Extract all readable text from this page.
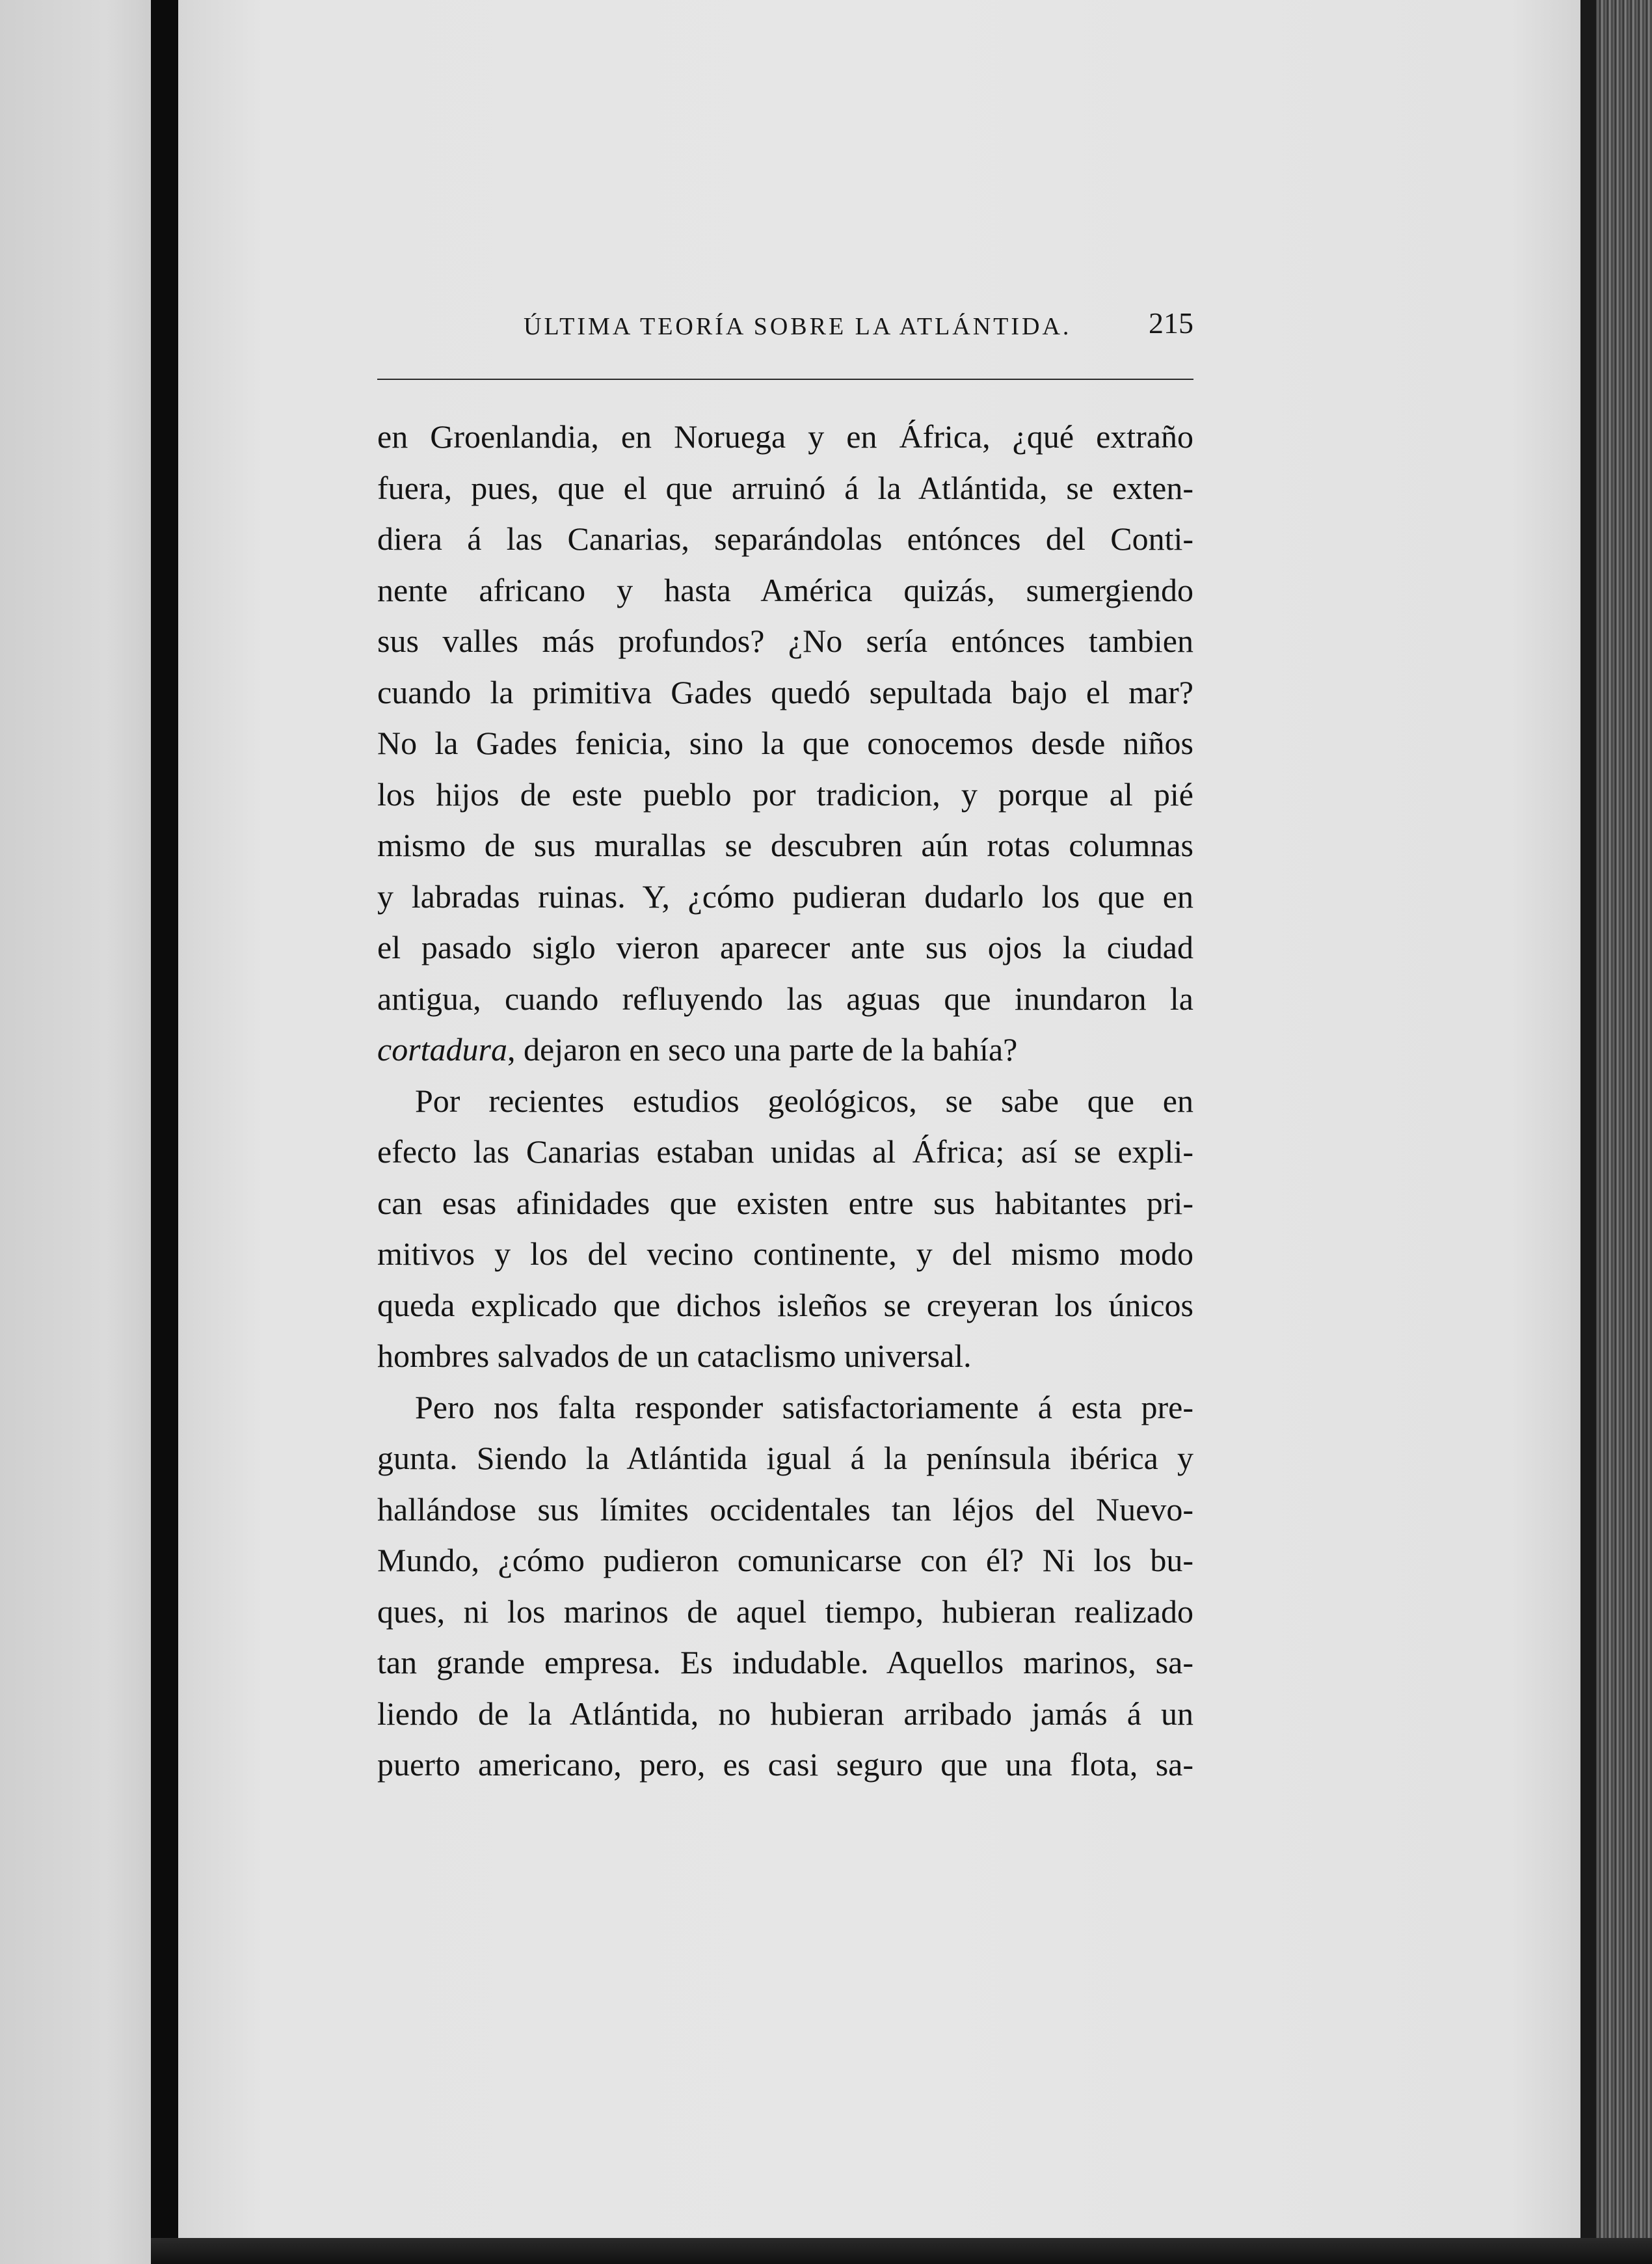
ÚLTIMA TEORÍA SOBRE LA ATLÁNTIDA.	215
en Groenlandia, en Noruega y en África, ¿qué extraño
fuera, pues, que el que arruinó á la Atlántida, se exten-
diera á las Canarias, separándolas entónces del Conti-
nente africano y hasta América quizás, sumergiendo
sus valles más profundos? ¿No sería entónces tambien
cuando la primitiva Gades quedó sepultada bajo el mar?
No la Gades fenicia, sino la que conocemos desde niños
los hijos de este pueblo por tradicion, y porque al pié
mismo de sus murallas se descubren aún rotas columnas
y labradas ruinas. Y, ¿cómo pudieran dudarlo los que en
el pasado siglo vieron aparecer ante sus ojos la ciudad
antigua, cuando refluyendo las aguas que inundaron la
cortadura, dejaron en seco una parte de la bahía?
Por recientes estudios geológicos, se sabe que en
efecto las Canarias estaban unidas al África; así se expli-
can esas afinidades que existen entre sus habitantes pri-
mitivos y los del vecino continente, y del mismo modo
queda explicado que dichos isleños se creyeran los únicos
hombres salvados de un cataclismo universal.
Pero nos falta responder satisfactoriamente á esta pre-
gunta. Siendo la Atlántida igual á la península ibérica y
hallándose sus límites occidentales tan léjos del Nuevo-
Mundo, ¿cómo pudieron comunicarse con él? Ni los bu-
ques, ni los marinos de aquel tiempo, hubieran realizado
tan grande empresa. Es indudable. Aquellos marinos, sa-
liendo de la Atlántida, no hubieran arribado jamás á un
puerto americano, pero, es casi seguro que una flota, sa-
